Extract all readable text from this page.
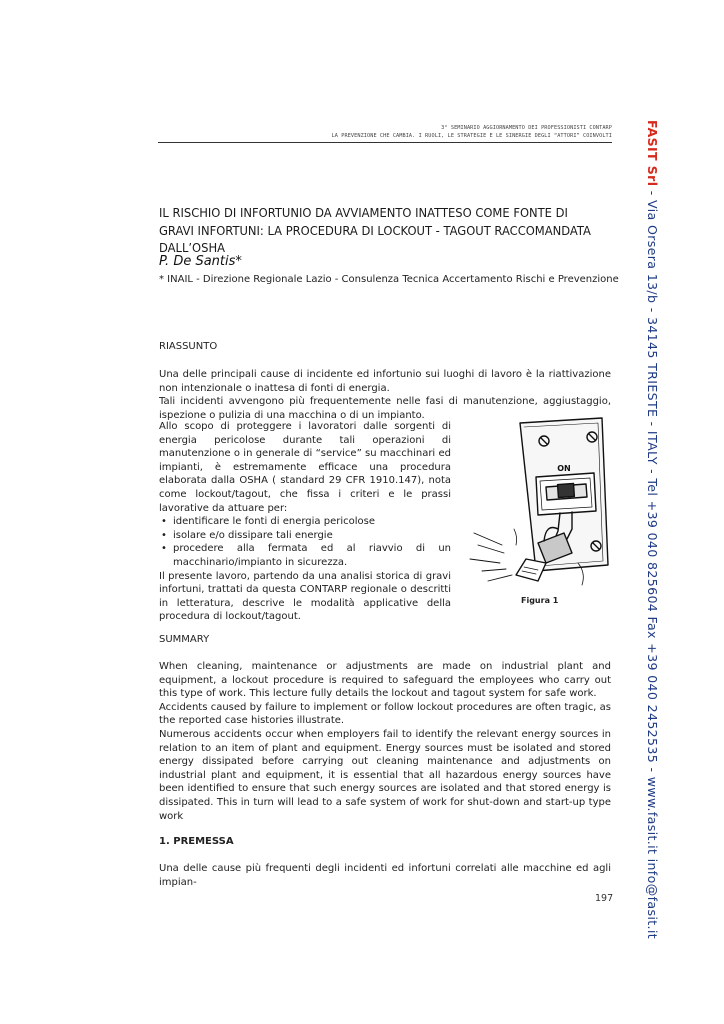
3° SEMINARIO AGGIORNAMENTO DEI PROFESSIONISTI CONTARP
LA PREVENZIONE CHE CAMBIA. I RUOLI, LE STRATEGIE E LE SINERGIE DEGLI “ATTORI” COINVOLTI
IL RISCHIO DI INFORTUNIO DA AVVIAMENTO INATTESO COME FONTE DI
GRAVI INFORTUNI: LA PROCEDURA DI LOCKOUT - TAGOUT RACCOMANDATA DALL’OSHA
P. De Santis*
* INAIL - Direzione Regionale Lazio - Consulenza Tecnica Accertamento Rischi e Prevenzione
RIASSUNTO

Una delle principali cause di incidente ed infortunio sui luoghi di lavoro è la riattivazione non intenzionale o inattesa di fonti di energia.

Tali incidenti avvengono più frequentemente nelle fasi di manutenzione, aggiustaggio, ispezione o pulizia di una macchina o di un impianto.

Allo scopo di proteggere i lavoratori dalle sorgenti di energia pericolose durante tali operazioni di manutenzione o in generale di “service” su macchinari ed impianti, è estremamente efficace una procedura elaborata dalla OSHA ( standard 29 CFR 1910.147), nota come lockout/tagout, che fissa i criteri e le prassi lavorative da attuare per:

• identificare le fonti di energia pericolose

• isolare e/o dissipare tali energie

• procedere alla fermata ed al riavvio di un macchinario/impianto in sicurezza.

Il presente lavoro, partendo da una analisi storica di gravi infortuni, trattati da questa CONTARP regionale o descritti in letteratura, descrive le modalità applicative della procedura di lockout/tagout.

ON
Figura 1
SUMMARY

When cleaning, maintenance or adjustments are made on industrial plant and equipment, a lockout procedure is required to safeguard the employees who carry out this type of work. This lecture fully details the lockout and tagout system for safe work.

Accidents caused by failure to implement or follow lockout procedures are often tragic, as the reported case histories illustrate.

Numerous accidents occur when employers fail to identify the relevant energy sources in relation to an item of plant and equipment. Energy sources must be isolated and stored energy dissipated before carrying out cleaning maintenance and adjustments on industrial plant and equipment, it is essential that all hazardous energy sources have been identified to ensure that such energy sources are isolated and that stored energy is dissipated. This in turn will lead to a safe system of work for shut-down and start-up type work

1. PREMESSA

Una delle cause più frequenti degli incidenti ed infortuni correlati alle macchine ed agli impian-

197
FASIT Srl - Via Orsera 13/b - 34145 TRIESTE - ITALY - Tel +39 040 825604 Fax +39 040 2452535 - www.fasit.it info@fasit.it
